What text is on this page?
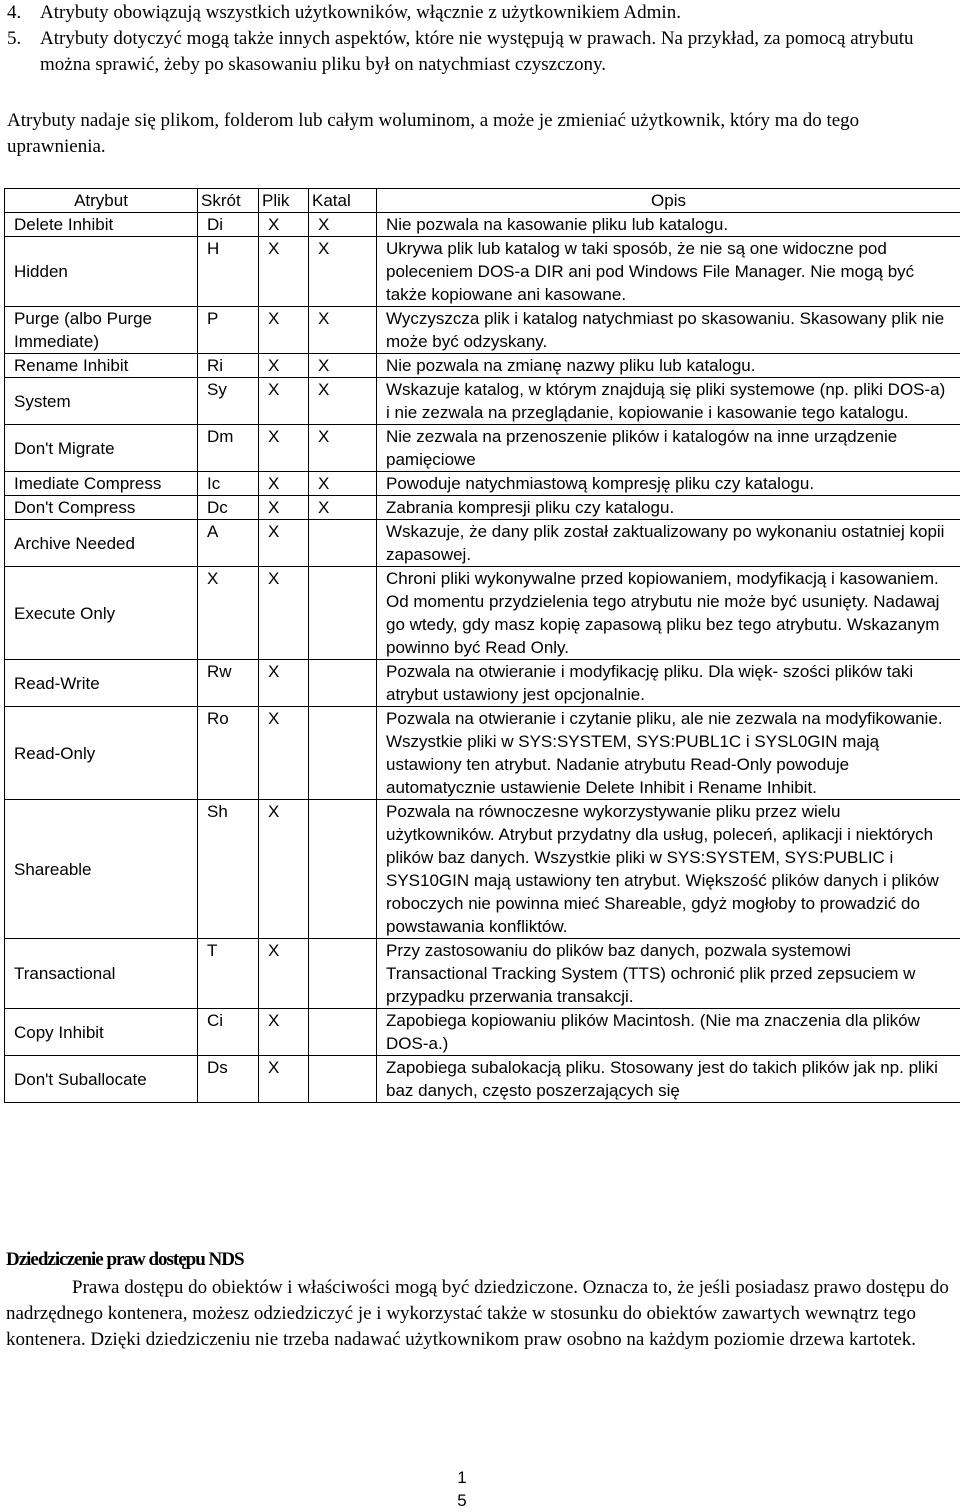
4. Atrybuty obowiązują wszystkich użytkowników, włącznie z użytkownikiem Admin.
5. Atrybuty dotyczyć mogą także innych aspektów, które nie występują w prawach. Na przykład, za pomocą atrybutu można sprawić, żeby po skasowaniu pliku był on natychmiast czyszczony.
Atrybuty nadaje się plikom, folderom lub całym woluminom, a może je zmieniać użytkownik, który ma do tego uprawnienia.
Atrybut	Skrót	Plik	Katal	Opis
Delete Inhibit	Di	X	X	Nie pozwala na kasowanie pliku lub katalogu.
Hidden	H	X	X	Ukrywa plik lub katalog w taki sposób, że nie są one widoczne pod poleceniem DOS-a DIR ani pod Windows File Manager. Nie mogą być także kopiowane ani kasowane.
Purge (albo Purge Immediate)	P	X	X	Wyczyszcza plik i katalog natychmiast po skasowaniu. Skasowany plik nie może być odzyskany.
Rename Inhibit	Ri	X	X	Nie pozwala na zmianę nazwy pliku lub katalogu.
System	Sy	X	X	Wskazuje katalog, w którym znajdują się pliki systemowe (np. pliki DOS-a) i nie zezwala na przeglądanie, kopiowanie i kasowanie tego katalogu.
Don't Migrate	Dm	X	X	Nie zezwala na przenoszenie plików i katalogów na inne urządzenie pamięciowe
Imediate Compress	Ic	X	X	Powoduje natychmiastową kompresję pliku czy katalogu.
Don't Compress	Dc	X	X	Zabrania kompresji pliku czy katalogu.
Archive Needed	A	X		Wskazuje, że dany plik został zaktualizowany po wykonaniu ostatniej kopii zapasowej.
Execute Only	X	X		Chroni pliki wykonywalne przed kopiowaniem, modyfikacją i kasowaniem. Od momentu przydzielenia tego atrybutu nie może być usunięty. Nadawaj go wtedy, gdy masz kopię zapasową pliku bez tego atrybutu. Wskazanym powinno być Read Only.
Read-Write	Rw	X		Pozwala na otwieranie i modyfikację pliku. Dla więk- szości plików taki atrybut ustawiony jest opcjonalnie.
Read-Only	Ro	X		Pozwala na otwieranie i czytanie pliku, ale nie zezwala na modyfikowanie. Wszystkie pliki w SYS:SYSTEM, SYS:PUBL1C i SYSL0GIN mają ustawiony ten atrybut. Nadanie atrybutu Read-Only powoduje automatycznie ustawienie Delete Inhibit i Rename Inhibit.
Shareable	Sh	X		Pozwala na równoczesne wykorzystywanie pliku przez wielu użytkowników. Atrybut przydatny dla usług, poleceń, aplikacji i niektórych plików baz danych. Wszystkie pliki w SYS:SYSTEM, SYS:PUBLIC i SYS10GIN mają ustawiony ten atrybut. Większość plików danych i plików roboczych nie powinna mieć Shareable, gdyż mogłoby to prowadzić do powstawania konfliktów.
Transactional	T	X		Przy zastosowaniu do plików baz danych, pozwala systemowi Transactional Tracking System (TTS) ochronić plik przed zepsuciem w przypadku przerwania transakcji.
Copy Inhibit	Ci	X		Zapobiega kopiowaniu plików Macintosh. (Nie ma znaczenia dla plików DOS-a.)
Don't Suballocate	Ds	X		Zapobiega subalokacją pliku. Stosowany jest do takich plików jak np. pliki baz danych, często poszerzających się
Dziedziczenie praw dostępu NDS
Prawa dostępu do obiektów i właściwości mogą być dziedziczone. Oznacza to, że jeśli posiadasz prawo dostępu do nadrzędnego kontenera, możesz odziedziczyć je i wykorzystać także w stosunku do obiektów zawartych wewnątrz tego kontenera. Dzięki dziedziczeniu nie trzeba nadawać użytkownikom praw osobno na każdym poziomie drzewa kartotek.
1
5
